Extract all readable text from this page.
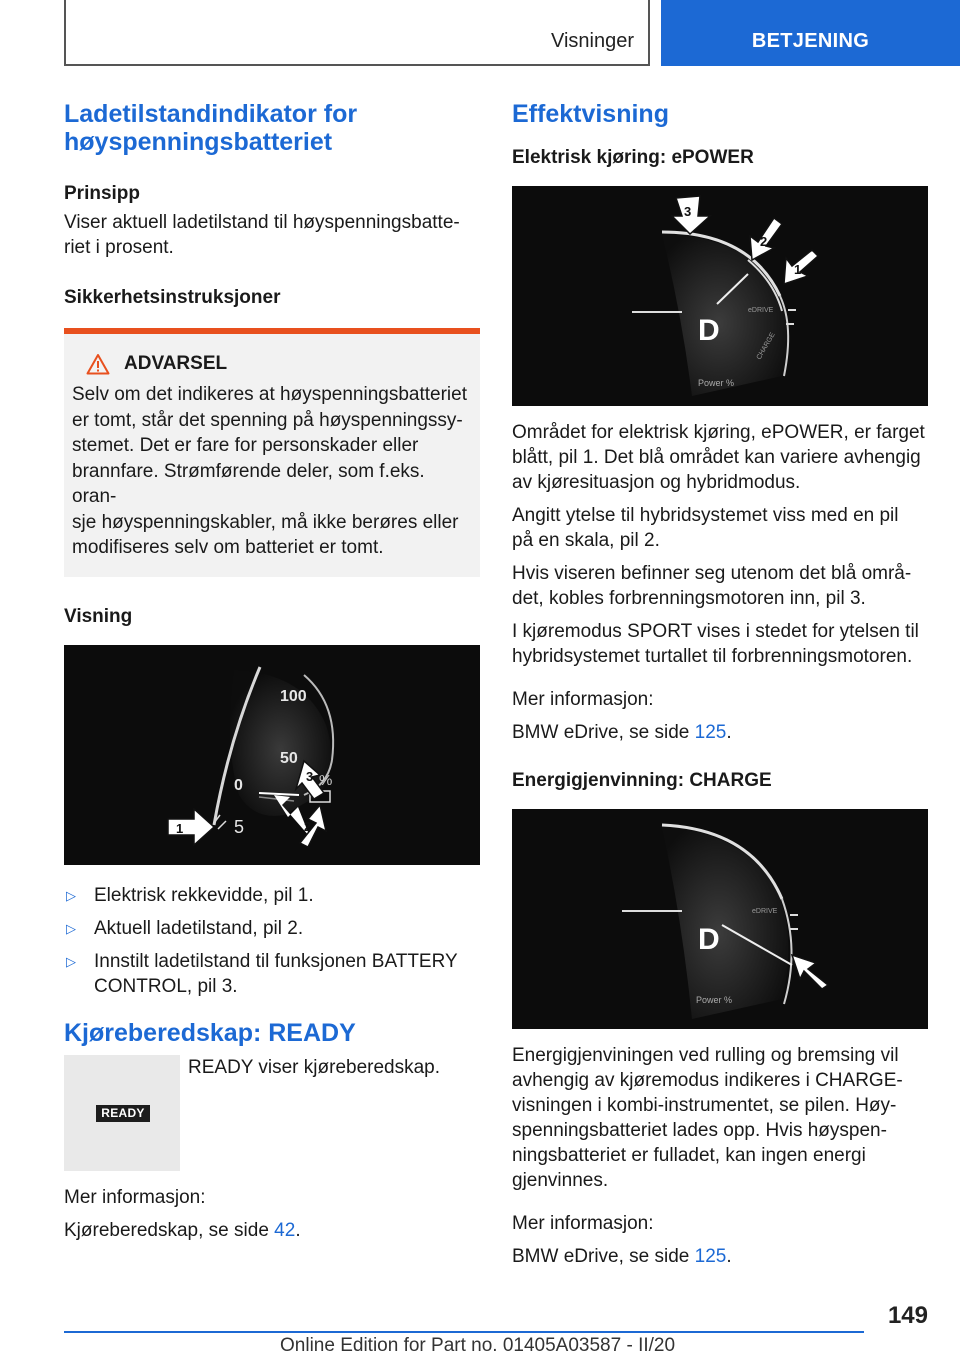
Visninger	BETJENING
Ladetilstandindikator for
høyspenningsbatteriet
Prinsipp
Viser aktuell ladetilstand til høyspenningsbatte-
riet i prosent.
Sikkerhetsinstruksjoner
ADVARSEL
Selv om det indikeres at høyspenningsbatteriet
er tomt, står det spenning på høyspenningssy-
stemet. Det er fare for personskader eller
brannfare. Strømførende deler, som f.eks. oran-
sje høyspenningskabler, må ikke berøres eller
modifiseres selv om batteriet er tomt.
Visning
100
50
0	%
5
1	2
3
▷ Elektrisk rekkevidde, pil 1.
▷ Aktuell ladetilstand, pil 2.
▷ Innstilt ladetilstand til funksjonen BATTERY
CONTROL, pil 3.
Kjøreberedskap: READY
READY
READY viser kjøreberedskap.
Mer informasjon:
Kjøreberedskap, se side 42.
Effektvisning
Elektrisk kjøring: ePOWER
D
eDRIVE
CHARGE
Power %
3
2
1
Området for elektrisk kjøring, ePOWER, er farget
blått, pil 1. Det blå området kan variere avhengig
av kjøresituasjon og hybridmodus.
Angitt ytelse til hybridsystemet viss med en pil
på en skala, pil 2.
Hvis viseren befinner seg utenom det blå områ-
det, kobles forbrenningsmotoren inn, pil 3.
I kjøremodus SPORT vises i stedet for ytelsen til
hybridsystemet turtallet til forbrenningsmotoren.
Mer informasjon:
BMW eDrive, se side 125.
Energigjenvinning: CHARGE
D
eDRIVE
Power %
Energigjenviningen ved rulling og bremsing vil
avhengig av kjøremodus indikeres i CHARGE-
visningen i kombi-instrumentet, se pilen. Høy-
spenningsbatteriet lades opp. Hvis høyspen-
ningsbatteriet er fulladet, kan ingen energi
gjenvinnes.
Mer informasjon:
BMW eDrive, se side 125.
149
Online Edition for Part no. 01405A03587 - II/20
